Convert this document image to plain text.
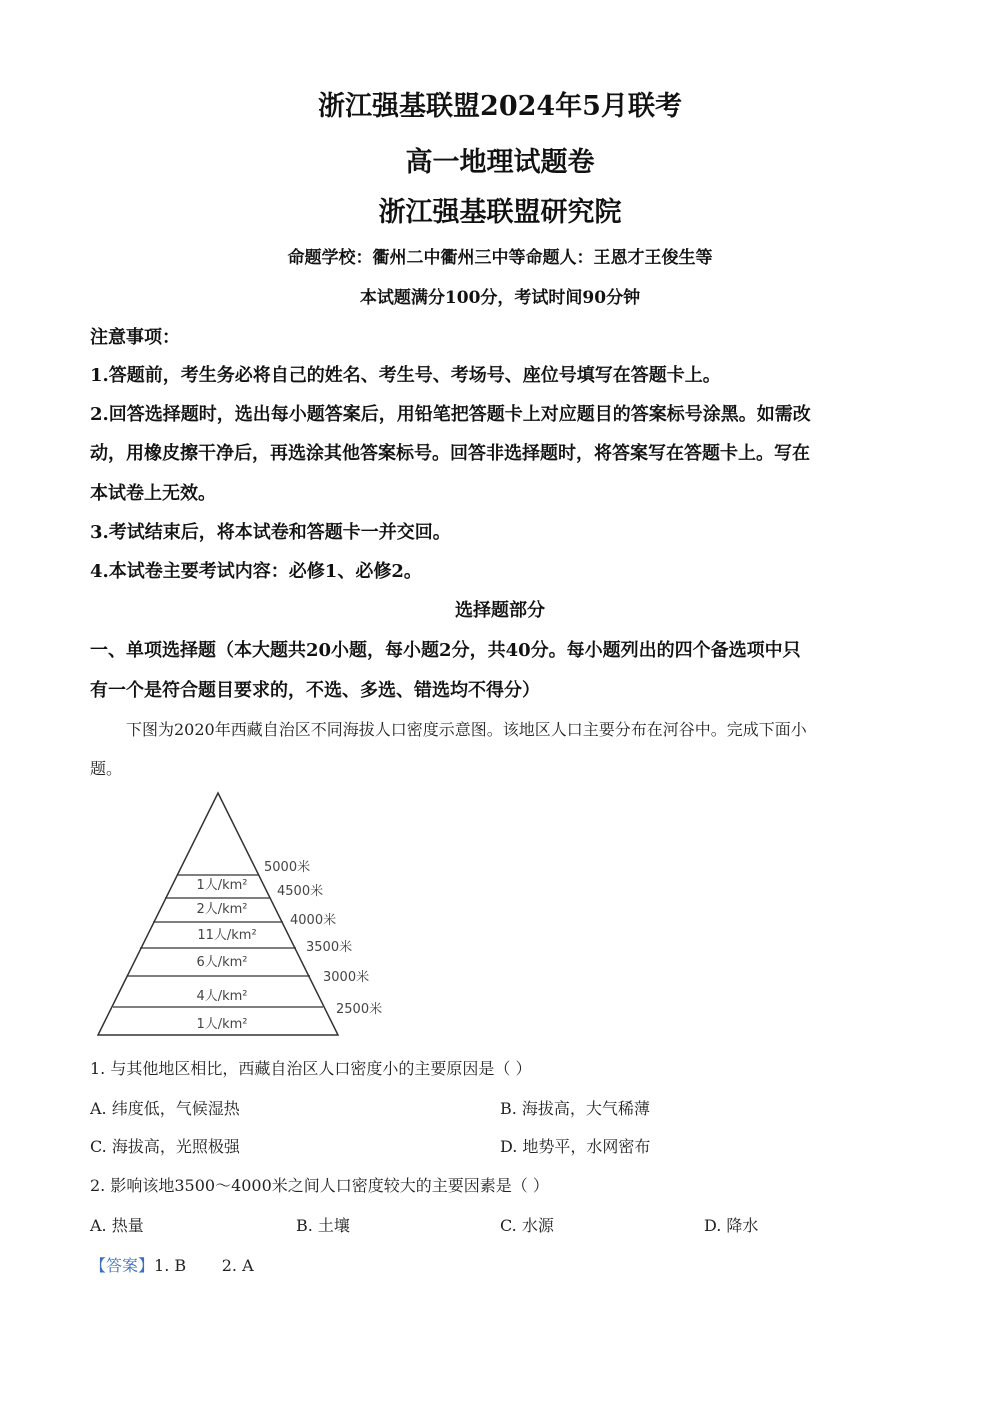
浙江强基联盟2024年5月联考
高一地理试题卷
浙江强基联盟研究院
命题学校：衢州二中衢州三中等命题人：王恩才王俊生等
本试题满分100分，考试时间90分钟
注意事项：
1.答题前，考生务必将自己的姓名、考生号、考场号、座位号填写在答题卡上。
2.回答选择题时，选出每小题答案后，用铅笔把答题卡上对应题目的答案标号涂黑。如需改
动，用橡皮擦干净后，再选涂其他答案标号。回答非选择题时，将答案写在答题卡上。写在
本试卷上无效。
3.考试结束后，将本试卷和答题卡一并交回。
4.本试卷主要考试内容：必修1、必修2。
选择题部分
一、单项选择题（本大题共20小题，每小题2分，共40分。每小题列出的四个备选项中只
有一个是符合题目要求的，不选、多选、错选均不得分）
下图为2020年西藏自治区不同海拔人口密度示意图。该地区人口主要分布在河谷中。完成下面小
题。
1人/km²
2人/km²
11人/km²
6人/km²
4人/km²
1人/km²
5000米
4500米
4000米
3500米
3000米
2500米
1. 与其他地区相比，西藏自治区人口密度小的主要原因是（ ）
A. 纬度低，气候湿热	B. 海拔高，大气稀薄
C. 海拔高，光照极强	D. 地势平，水网密布
2. 影响该地3500～4000米之间人口密度较大的主要因素是（ ）
A. 热量	B. 土壤	C. 水源	D. 降水
【答案】1. B       2. A
